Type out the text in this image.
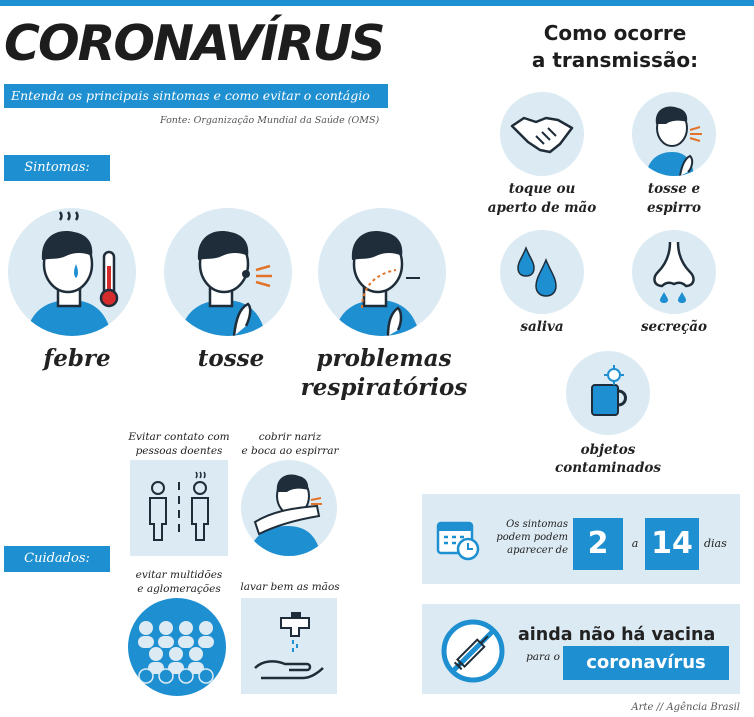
CORONAVÍRUS
Entenda os principais sintomas e como evitar o contágio
Fonte: Organização Mundial da Saúde (OMS)
Sintomas:
febre	tosse	problemas
respiratórios
Como ocorre
a transmissão:
toque ou
aperto de mão
tosse e
espirro
saliva	secreção
objetos
contaminados
Cuidados:
Evitar contato com
pessoas doentes
cobrir nariz
e boca ao espirrar
evitar multidões
e aglomerações	lavar bem as mãos
Os sintomas
podem podem
aparecer de 2	a 14	dias
ainda não há vacina
para o	coronavírus
Arte // Agência Brasil
